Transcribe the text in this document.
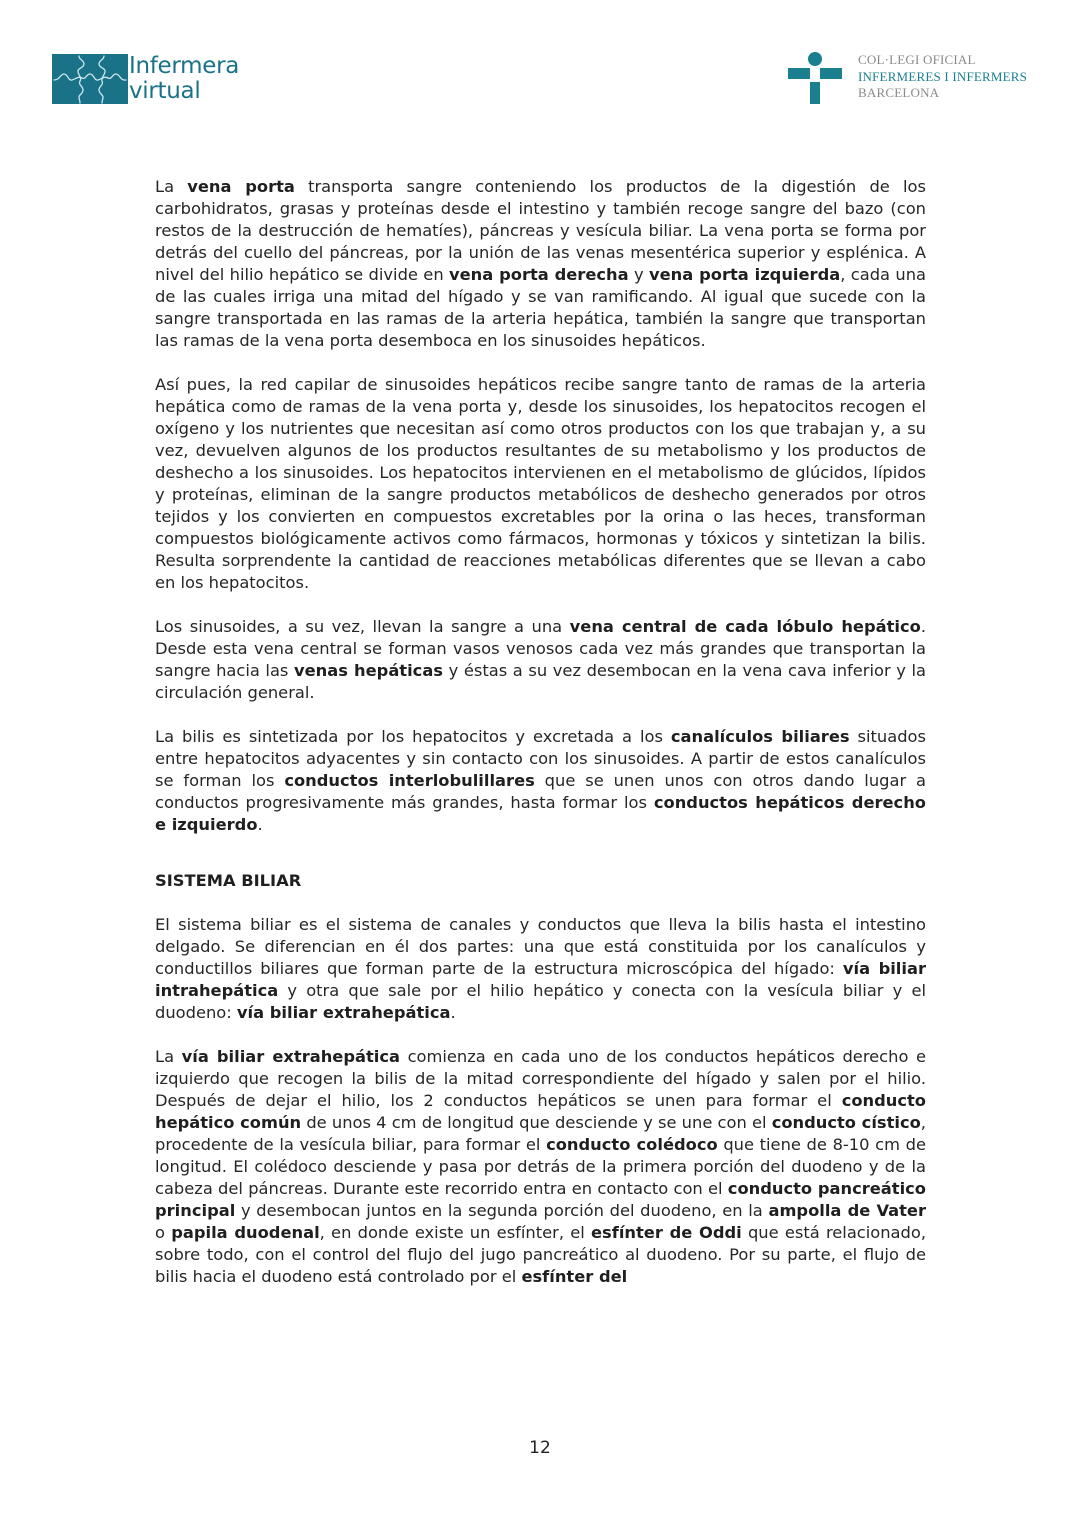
Infermera
virtual
COL·LEGI OFICIAL
INFERMERES I INFERMERS
BARCELONA

La vena porta transporta sangre conteniendo los productos de la digestión de los carbohidratos, grasas y proteínas desde el intestino y también recoge sangre del bazo (con restos de la destrucción de hematíes), páncreas y vesícula biliar. La vena porta se forma por detrás del cuello del páncreas, por la unión de las venas mesentérica superior y esplénica. A nivel del hilio hepático se divide en vena porta derecha y vena porta izquierda, cada una de las cuales irriga una mitad del hígado y se van ramificando. Al igual que sucede con la sangre transportada en las ramas de la arteria hepática, también la sangre que transportan las ramas de la vena porta desemboca en los sinusoides hepáticos.

Así pues, la red capilar de sinusoides hepáticos recibe sangre tanto de ramas de la arteria hepática como de ramas de la vena porta y, desde los sinusoides, los hepatocitos recogen el oxígeno y los nutrientes que necesitan así como otros productos con los que trabajan y, a su vez, devuelven algunos de los productos resultantes de su metabolismo y los productos de deshecho a los sinusoides. Los hepatocitos intervienen en el metabolismo de glúcidos, lípidos y proteínas, eliminan de la sangre productos metabólicos de deshecho generados por otros tejidos y los convierten en compuestos excretables por la orina o las heces, transforman compuestos biológicamente activos como fármacos, hormonas y tóxicos y sintetizan la bilis. Resulta sorprendente la cantidad de reacciones metabólicas diferentes que se llevan a cabo en los hepatocitos.

Los sinusoides, a su vez, llevan la sangre a una vena central de cada lóbulo hepático. Desde esta vena central se forman vasos venosos cada vez más grandes que transportan la sangre hacia las venas hepáticas y éstas a su vez desembocan en la vena cava inferior y la circulación general.

La bilis es sintetizada por los hepatocitos y excretada a los canalículos biliares situados entre hepatocitos adyacentes y sin contacto con los sinusoides. A partir de estos canalículos se forman los conductos interlobulillares que se unen unos con otros dando lugar a conductos progresivamente más grandes, hasta formar los conductos hepáticos derecho e izquierdo.

SISTEMA BILIAR

El sistema biliar es el sistema de canales y conductos que lleva la bilis hasta el intestino delgado. Se diferencian en él dos partes: una que está constituida por los canalículos y conductillos biliares que forman parte de la estructura microscópica del hígado: vía biliar intrahepática y otra que sale por el hilio hepático y conecta con la vesícula biliar y el duodeno: vía biliar extrahepática.

La vía biliar extrahepática comienza en cada uno de los conductos hepáticos derecho e izquierdo que recogen la bilis de la mitad correspondiente del hígado y salen por el hilio. Después de dejar el hilio, los 2 conductos hepáticos se unen para formar el conducto hepático común de unos 4 cm de longitud que desciende y se une con el conducto cístico, procedente de la vesícula biliar, para formar el conducto colédoco que tiene de 8-10 cm de longitud. El colédoco desciende y pasa por detrás de la primera porción del duodeno y de la cabeza del páncreas. Durante este recorrido entra en contacto con el conducto pancreático principal y desembocan juntos en la segunda porción del duodeno, en la ampolla de Vater o papila duodenal, en donde existe un esfínter, el esfínter de Oddi que está relacionado, sobre todo, con el control del flujo del jugo pancreático al duodeno. Por su parte, el flujo de bilis hacia el duodeno está controlado por el esfínter del

12
